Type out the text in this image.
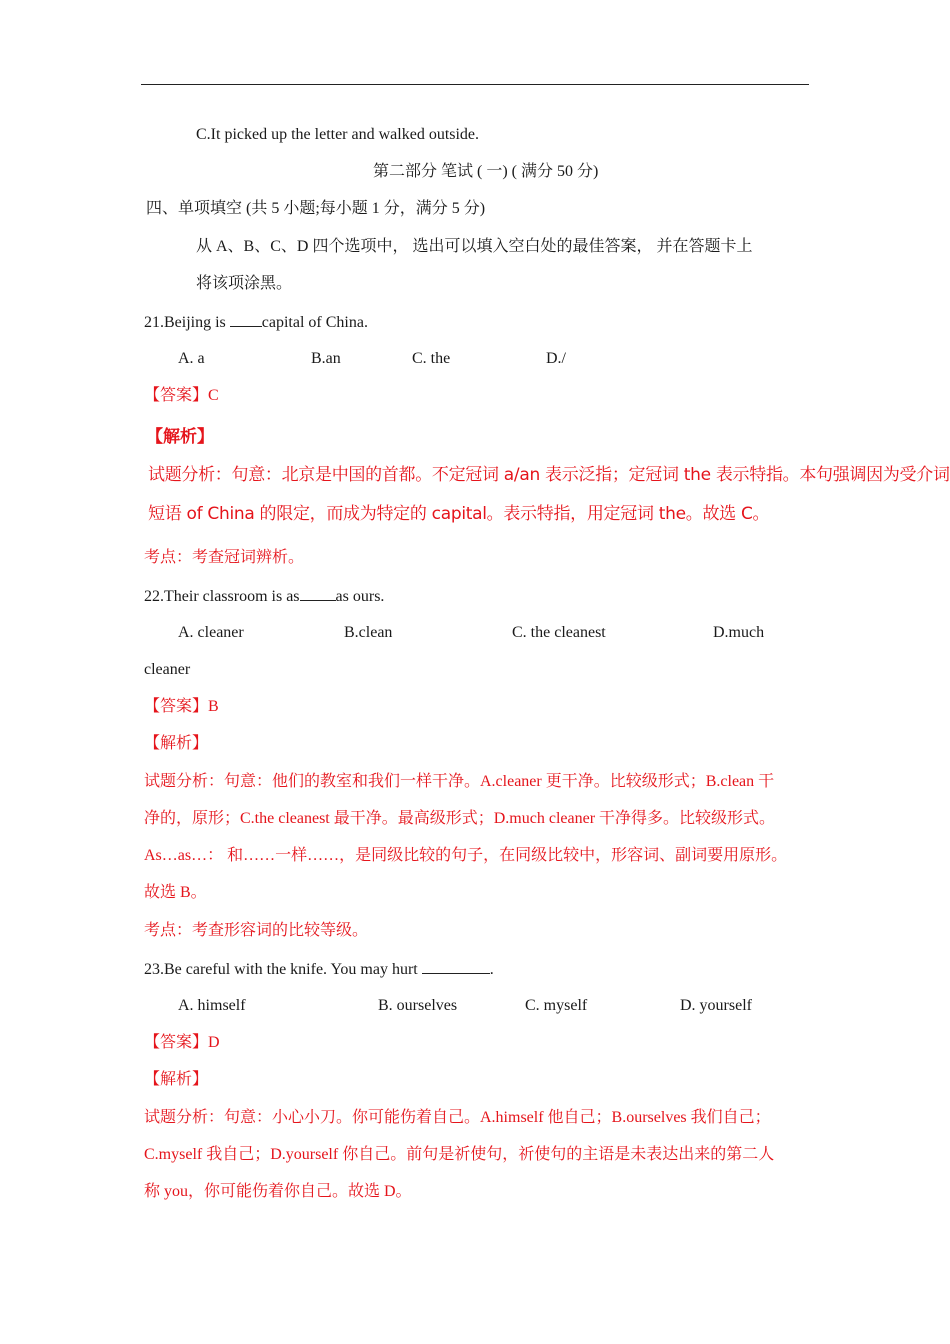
C.It picked up the letter and walked outside.
第二部分 笔试 ( 一) ( 满分 50 分)
四、单项填空 (共 5 小题;每小题 1 分，满分 5 分)
从 A、B、C、D 四个选项中， 选出可以填入空白处的最佳答案， 并在答题卡上
将该项涂黑。
21.Beijing is capital of China.
A. a	B.an	C. the	D./
【答案】C
【解析】
试题分析：句意：北京是中国的首都。不定冠词 a/an 表示泛指；定冠词 the 表示特指。本句强调因为受介词
短语 of China 的限定，而成为特定的 capital。表示特指，用定冠词 the。故选 C。
考点：考查冠词辨析。
22.Their classroom is as as ours.
A. cleaner	B.clean	C. the cleanest	D.much
cleaner
【答案】B
【解析】
试题分析：句意：他们的教室和我们一样干净。A.cleaner 更干净。比较级形式；B.clean 干
净的，原形；C.the cleanest 最干净。最高级形式；D.much cleaner 干净得多。比较级形式。
As…as…： 和……一样……，是同级比较的句子，在同级比较中，形容词、副词要用原形。
故选 B。
考点：考查形容词的比较等级。
23.Be careful with the knife. You may hurt	.
A. himself	B. ourselves	C. myself	D. yourself
【答案】D
【解析】
试题分析：句意：小心小刀。你可能伤着自己。A.himself 他自己；B.ourselves 我们自己；
C.myself 我自己；D.yourself 你自己。前句是祈使句，祈使句的主语是未表达出来的第二人
称 you，你可能伤着你自己。故选 D。
